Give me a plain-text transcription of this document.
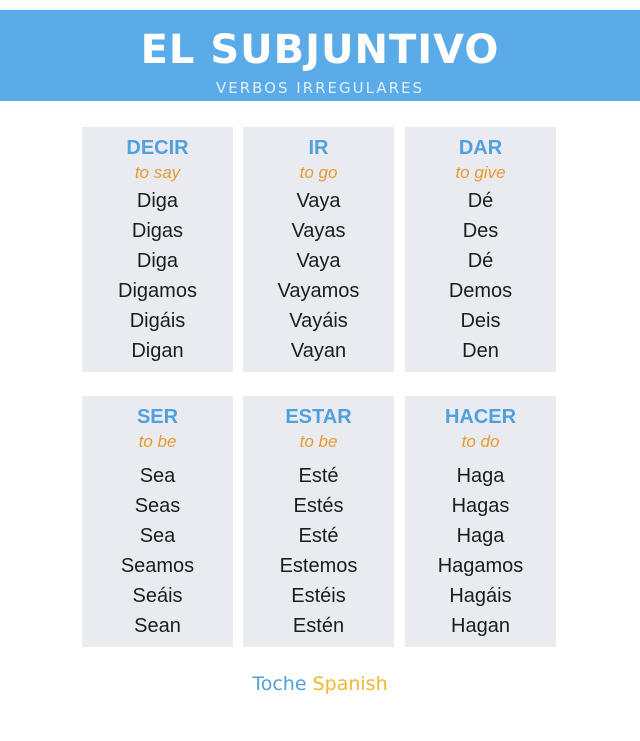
EL SUBJUNTIVO
VERBOS IRREGULARES
DECIR
to say
Diga
Digas
Diga
Digamos
Digáis
Digan
IR
to go
Vaya
Vayas
Vaya
Vayamos
Vayáis
Vayan
DAR
to give
Dé
Des
Dé
Demos
Deis
Den
SER
to be
Sea
Seas
Sea
Seamos
Seáis
Sean
ESTAR
to be
Esté
Estés
Esté
Estemos
Estéis
Estén
HACER
to do
Haga
Hagas
Haga
Hagamos
Hagáis
Hagan
Toche Spanish
